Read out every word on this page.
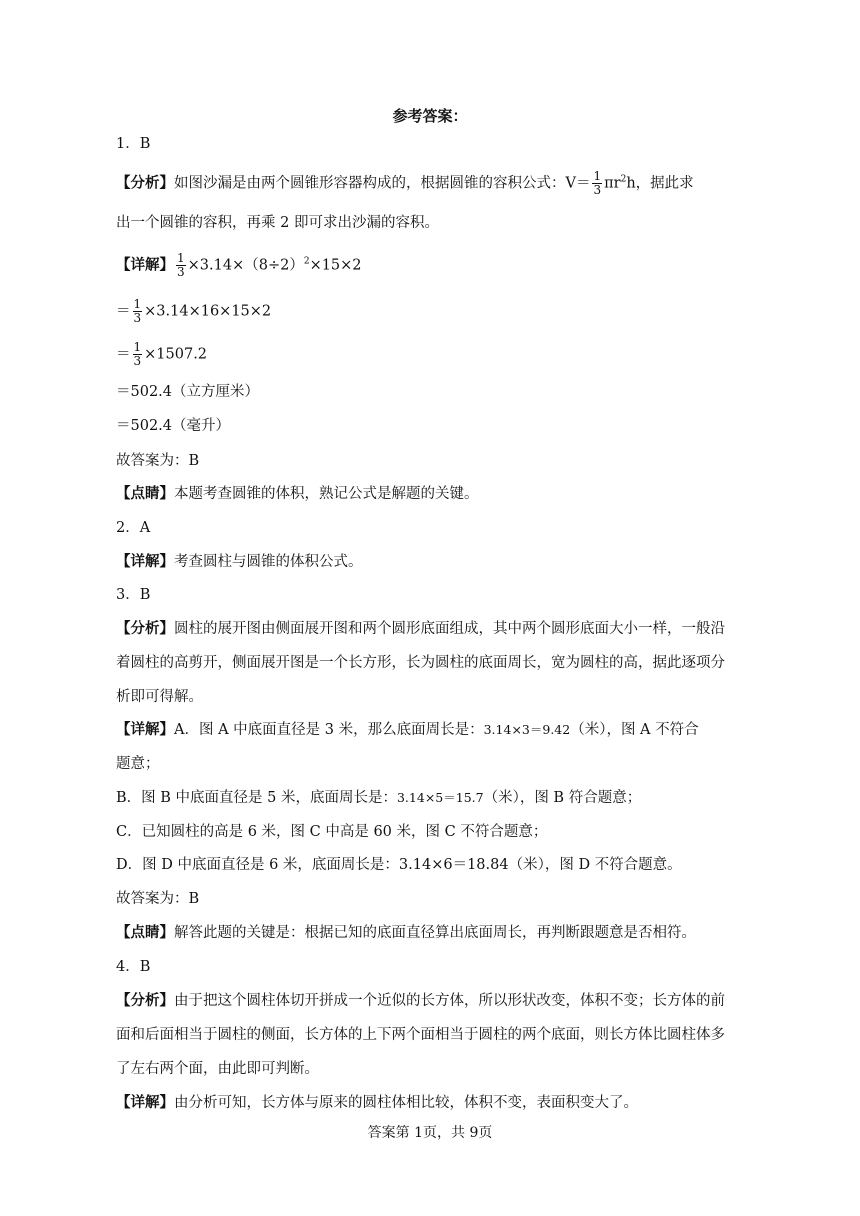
参考答案：
1．B
【分析】如图沙漏是由两个圆锥形容器构成的，根据圆锥的容积公式：$V= \frac{1}{3} \pi r^2h$，据此求
出一个圆锥的容积，再乘 2 即可求出沙漏的容积。
【详解】 $\frac{1}{3} \times 3.14\times(8\div 2)^2\times 15\times 2$
＝ $\frac{1}{3} \times 3.14\times 16\times 15\times 2$
＝ $\frac{1}{3} \times 1507.2$
＝502.4（立方厘米）
＝502.4（毫升）
故答案为：B
【点睛】本题考查圆锥的体积，熟记公式是解题的关键。
2．A
【详解】考查圆柱与圆锥的体积公式。
3．B
【分析】圆柱的展开图由侧面展开图和两个圆形底面组成，其中两个圆形底面大小一样，一般沿着圆柱的高剪开，侧面展开图是一个长方形，长为圆柱的底面周长，宽为圆柱的高，据此逐项分析即可得解。
【详解】A．图 A 中底面直径是 3 米，那么底面周长是：3.14×3＝9.42（米），图 A 不符合
题意；
B．图 B 中底面直径是 5 米，底面周长是：3.14×5＝15.7（米），图 B 符合题意；
C．已知圆柱的高是 6 米，图 C 中高是 60 米，图 C 不符合题意；
D．图 D 中底面直径是 6 米，底面周长是：3.14×6＝18.84（米），图 D 不符合题意。
故答案为：B
【点睛】解答此题的关键是：根据已知的底面直径算出底面周长，再判断跟题意是否相符。
4．B
【分析】由于把这个圆柱体切开拼成一个近似的长方体，所以形状改变，体积不变；长方体的前面和后面相当于圆柱的侧面，长方体的上下两个面相当于圆柱的两个底面，则长方体比圆柱体多了左右两个面，由此即可判断。
【详解】由分析可知，长方体与原来的圆柱体相比较，体积不变，表面积变大了。
答案第 1页，共 9页
